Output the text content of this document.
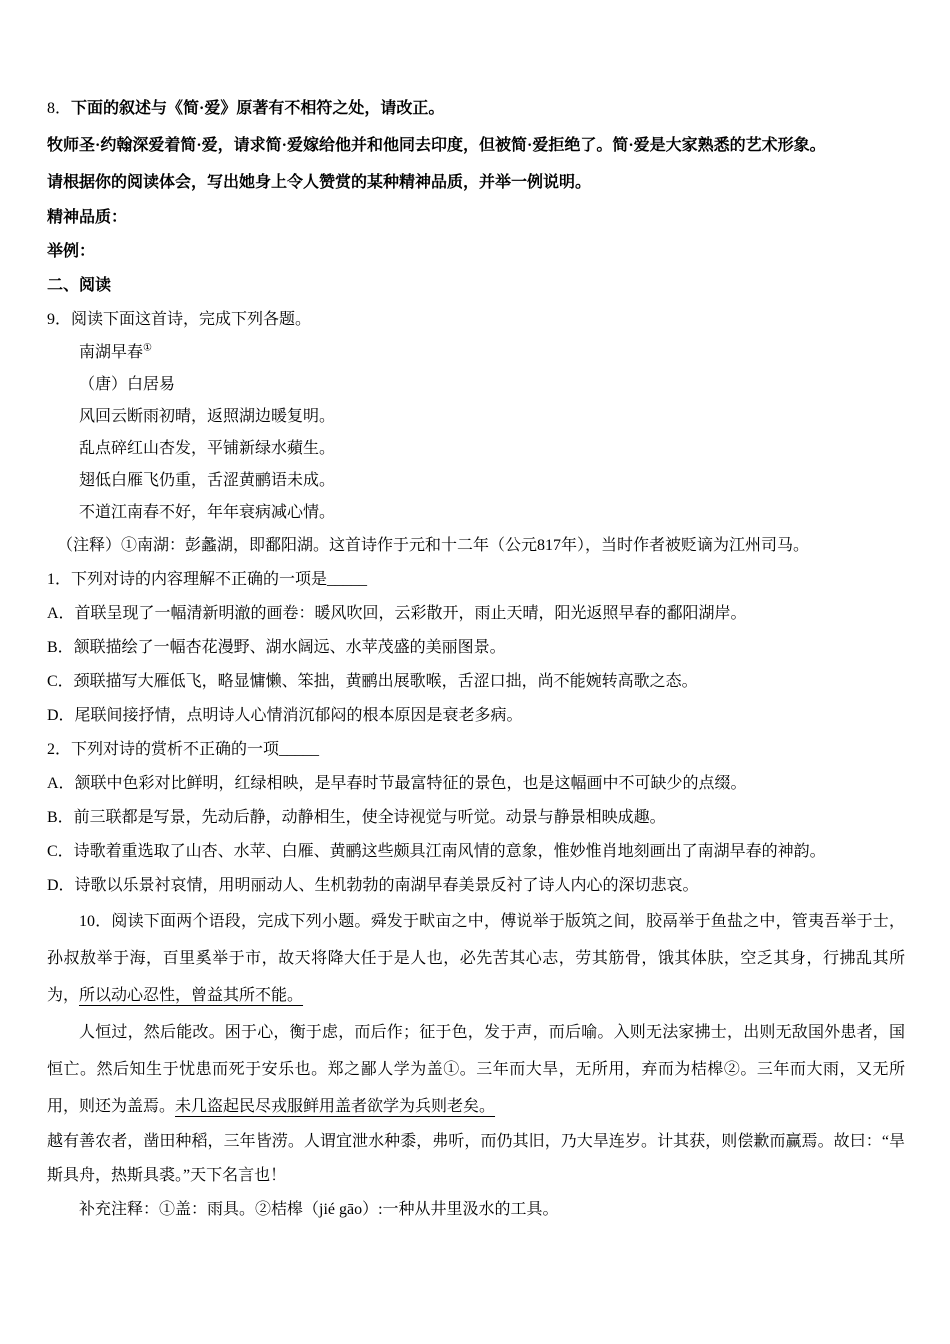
8．下面的叙述与《简·爱》原著有不相符之处，请改正。

牧师圣·约翰深爱着简·爱，请求简·爱嫁给他并和他同去印度，但被简·爱拒绝了。简·爱是大家熟悉的艺术形象。

请根据你的阅读体会，写出她身上令人赞赏的某种精神品质，并举一例说明。

精神品质：

举例：

二、阅读

9．阅读下面这首诗，完成下列各题。

南湖早春①

（唐）白居易

风回云断雨初晴，返照湖边暖复明。

乱点碎红山杏发，平铺新绿水蘋生。

翅低白雁飞仍重，舌涩黄鹂语未成。

不道江南春不好，年年衰病减心情。

（注释）①南湖：彭蠡湖，即鄱阳湖。这首诗作于元和十二年（公元817年），当时作者被贬谪为江州司马。

1．下列对诗的内容理解不正确的一项是_____

A．首联呈现了一幅清新明澈的画卷：暖风吹回，云彩散开，雨止天晴，阳光返照早春的鄱阳湖岸。

B．颔联描绘了一幅杏花漫野、湖水阔远、水苹茂盛的美丽图景。

C．颈联描写大雁低飞，略显慵懒、笨拙，黄鹂出展歌喉，舌涩口拙，尚不能婉转高歌之态。

D．尾联间接抒情，点明诗人心情消沉郁闷的根本原因是衰老多病。

2．下列对诗的赏析不正确的一项_____

A．颔联中色彩对比鲜明，红绿相映，是早春时节最富特征的景色，也是这幅画中不可缺少的点缀。

B．前三联都是写景，先动后静，动静相生，使全诗视觉与听觉。动景与静景相映成趣。

C．诗歌着重选取了山杏、水苹、白雁、黄鹂这些颇具江南风情的意象，惟妙惟肖地刻画出了南湖早春的神韵。

D．诗歌以乐景衬哀情，用明丽动人、生机勃勃的南湖早春美景反衬了诗人内心的深切悲哀。

10．阅读下面两个语段，完成下列小题。舜发于畎亩之中，傅说举于版筑之间，胶鬲举于鱼盐之中，管夷吾举于士，孙叔敖举于海，百里奚举于市，故天将降大任于是人也，必先苦其心志，劳其筋骨，饿其体肤，空乏其身，行拂乱其所为，所以动心忍性，曾益其所不能。

人恒过，然后能改。困于心，衡于虑，而后作；征于色，发于声，而后喻。入则无法家拂士，出则无敌国外患者，国恒亡。然后知生于忧患而死于安乐也。郑之鄙人学为盖①。三年而大旱，无所用，弃而为桔槔②。三年而大雨，又无所用，则还为盖焉。未几盗起民尽戎服鲜用盖者欲学为兵则老矣。

越有善农者，凿田种稻，三年皆涝。人谓宜泄水种黍，弗听，而仍其旧，乃大旱连岁。计其获，则偿歉而赢焉。故曰：“旱斯具舟，热斯具裘。”天下名言也！

补充注释：①盖：雨具。②桔槔（jié gāo）:一种从井里汲水的工具。
